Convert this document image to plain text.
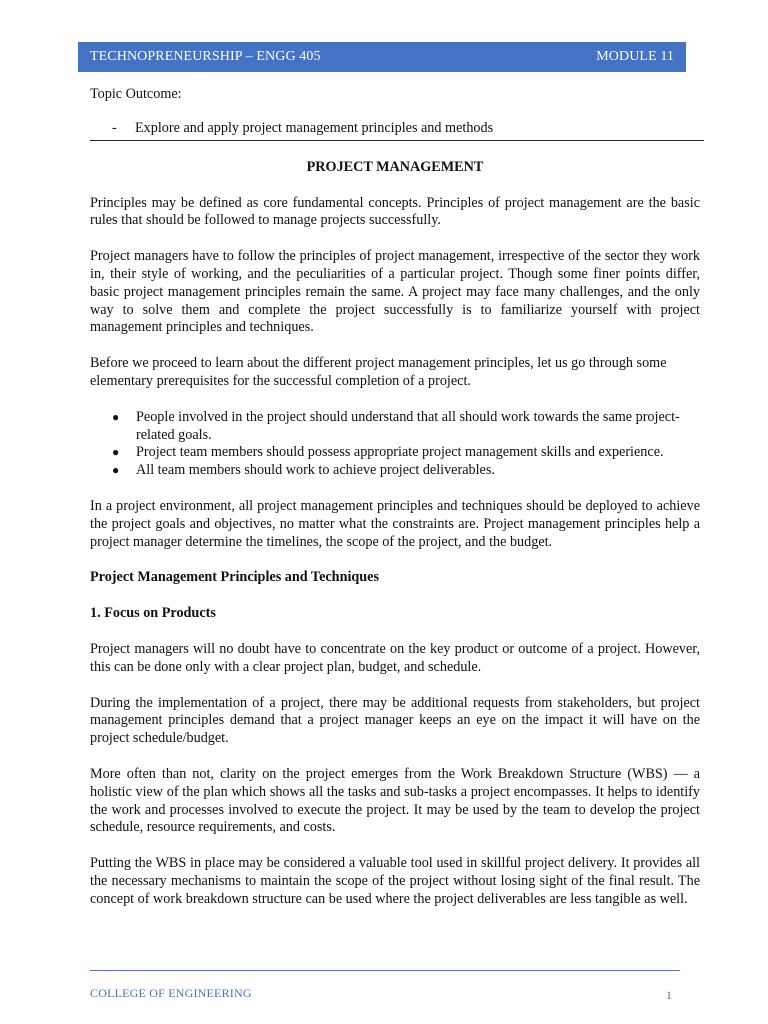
TECHNOPRENEURSHIP – ENGG 405	MODULE 11

Topic Outcome:

- Explore and apply project management principles and methods
PROJECT MANAGEMENT

Principles may be defined as core fundamental concepts. Principles of project management are the basic rules that should be followed to manage projects successfully.

Project managers have to follow the principles of project management, irrespective of the sector they work in, their style of working, and the peculiarities of a particular project. Though some finer points differ, basic project management principles remain the same. A project may face many challenges, and the only way to solve them and complete the project successfully is to familiarize yourself with project management principles and techniques.

Before we proceed to learn about the different project management principles, let us go through some elementary prerequisites for the successful completion of a project.

● People involved in the project should understand that all should work towards the same project-related goals.
● Project team members should possess appropriate project management skills and experience.
● All team members should work to achieve project deliverables.

In a project environment, all project management principles and techniques should be deployed to achieve the project goals and objectives, no matter what the constraints are. Project management principles help a project manager determine the timelines, the scope of the project, and the budget.

Project Management Principles and Techniques
1. Focus on Products

Project managers will no doubt have to concentrate on the key product or outcome of a project. However, this can be done only with a clear project plan, budget, and schedule.

During the implementation of a project, there may be additional requests from stakeholders, but project management principles demand that a project manager keeps an eye on the impact it will have on the project schedule/budget.

More often than not, clarity on the project emerges from the Work Breakdown Structure (WBS) — a holistic view of the plan which shows all the tasks and sub-tasks a project encompasses. It helps to identify the work and processes involved to execute the project. It may be used by the team to develop the project schedule, resource requirements, and costs.

Putting the WBS in place may be considered a valuable tool used in skillful project delivery. It provides all the necessary mechanisms to maintain the scope of the project without losing sight of the final result. The concept of work breakdown structure can be used where the project deliverables are less tangible as well.

COLLEGE OF ENGINEERING	1
